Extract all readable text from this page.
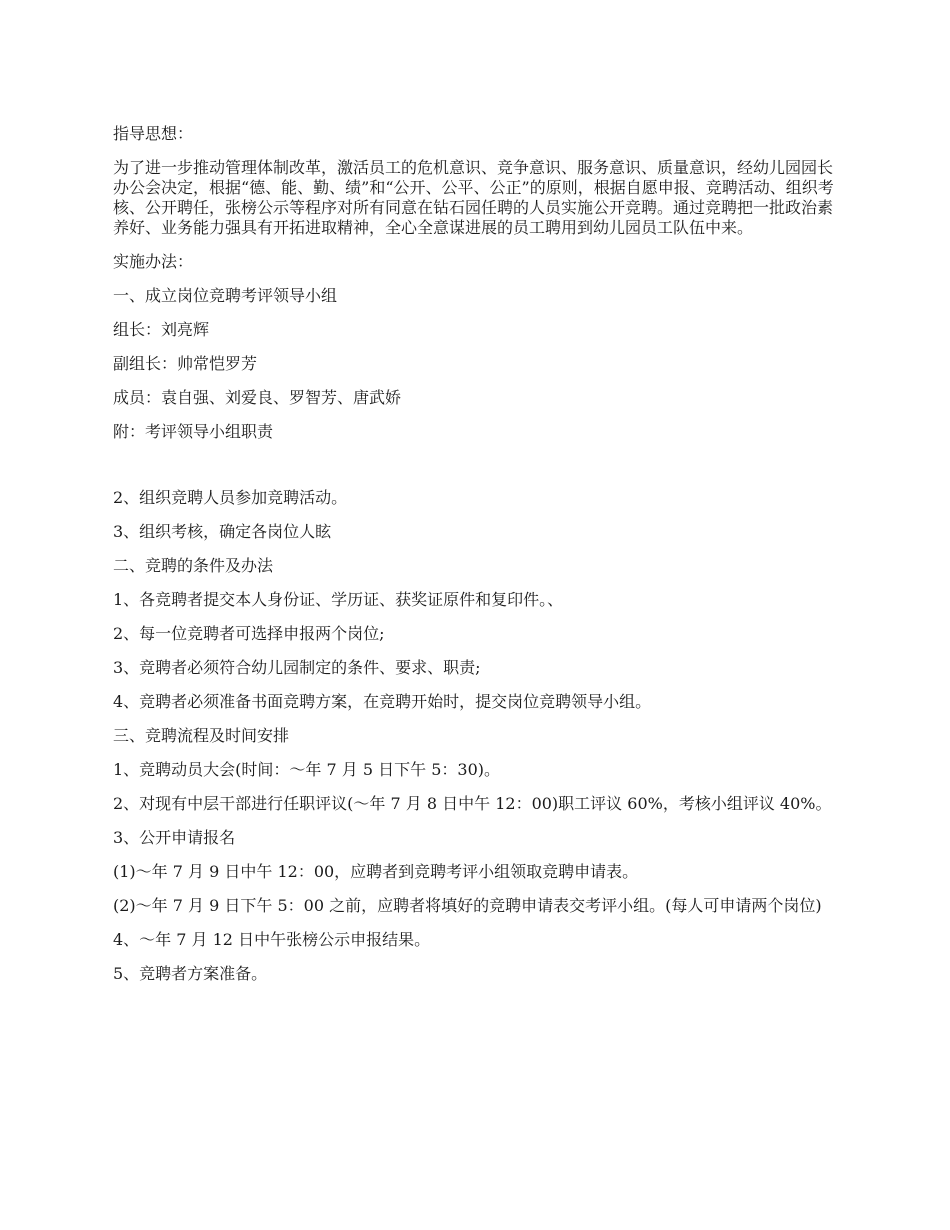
指导思想：

为了进一步推动管理体制改革，激活员工的危机意识、竞争意识、服务意识、质量意识，经幼儿园园长办公会决定，根据“德、能、勤、绩”和“公开、公平、公正”的原则，根据自愿申报、竞聘活动、组织考核、公开聘任，张榜公示等程序对所有同意在钻石园任聘的人员实施公开竞聘。通过竞聘把一批政治素养好、业务能力强具有开拓进取精神，全心全意谋进展的员工聘用到幼儿园员工队伍中来。

实施办法：

一、成立岗位竞聘考评领导小组

组长：刘亮辉

副组长：帅常恺罗芳

成员：袁自强、刘爱良、罗智芳、唐武娇

附：考评领导小组职责

2、组织竞聘人员参加竞聘活动。

3、组织考核，确定各岗位人眩

二、竞聘的条件及办法

1、各竞聘者提交本人身份证、学历证、获奖证原件和复印件。、

2、每一位竞聘者可选择申报两个岗位;

3、竞聘者必须符合幼儿园制定的条件、要求、职责;

4、竞聘者必须准备书面竞聘方案，在竞聘开始时，提交岗位竞聘领导小组。

三、竞聘流程及时间安排

1、竞聘动员大会(时间：～年 7 月 5 日下午 5：30)。

2、对现有中层干部进行任职评议(～年 7 月 8 日中午 12：00)职工评议 60%，考核小组评议 40%。

3、公开申请报名

(1)～年 7 月 9 日中午 12：00，应聘者到竞聘考评小组领取竞聘申请表。

(2)～年 7 月 9 日下午 5：00 之前，应聘者将填好的竞聘申请表交考评小组。(每人可申请两个岗位)

4、～年 7 月 12 日中午张榜公示申报结果。

5、竞聘者方案准备。
